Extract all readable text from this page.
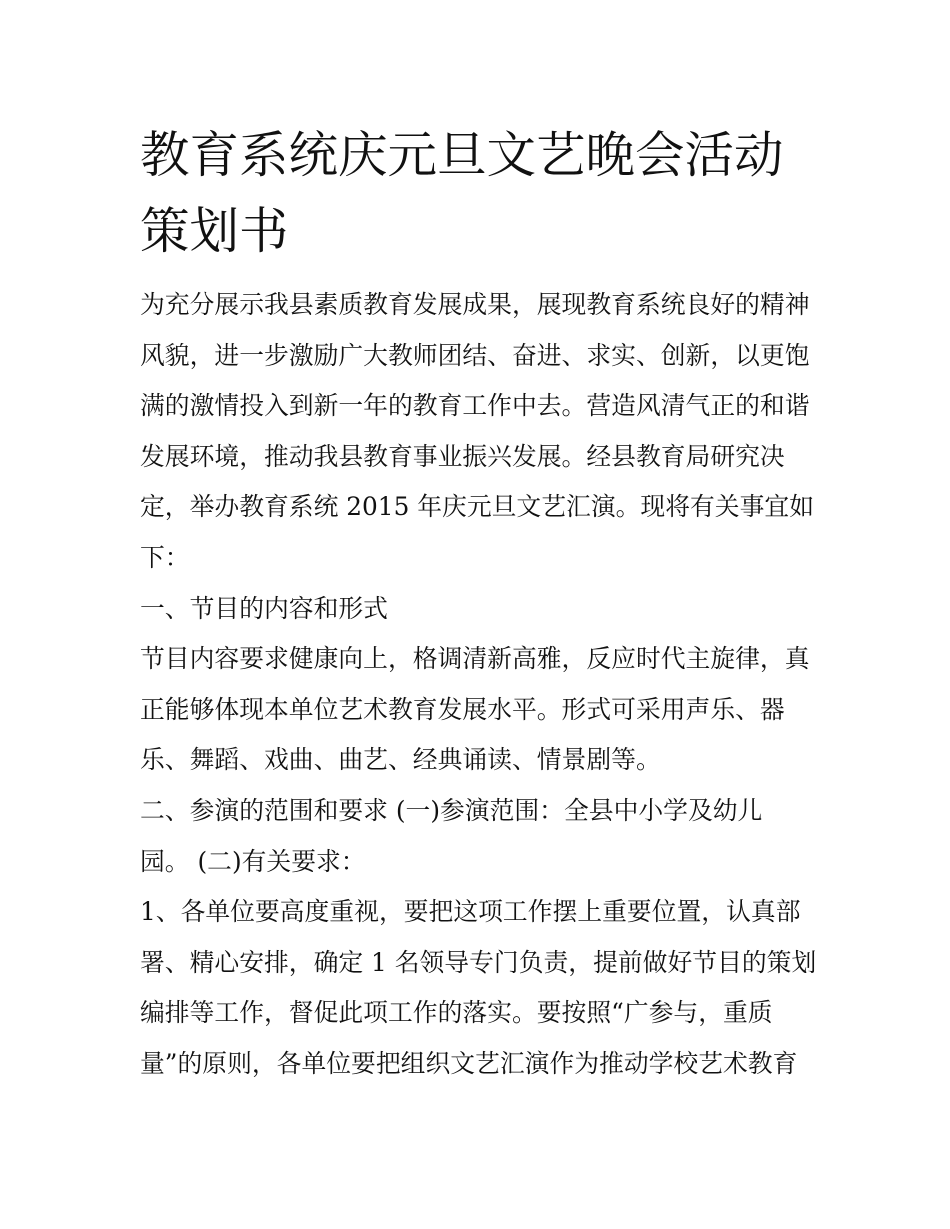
教育系统庆元旦文艺晚会活动
策划书
为充分展示我县素质教育发展成果，展现教育系统良好的精神
风貌，进一步激励广大教师团结、奋进、求实、创新，以更饱
满的激情投入到新一年的教育工作中去。营造风清气正的和谐
发展环境，推动我县教育事业振兴发展。经县教育局研究决
定，举办教育系统 2015 年庆元旦文艺汇演。现将有关事宜如
下：
一、节目的内容和形式
节目内容要求健康向上，格调清新高雅，反应时代主旋律，真
正能够体现本单位艺术教育发展水平。形式可采用声乐、器
乐、舞蹈、戏曲、曲艺、经典诵读、情景剧等。
二、参演的范围和要求 (一)参演范围：全县中小学及幼儿
园。 (二)有关要求：
1、各单位要高度重视，要把这项工作摆上重要位置，认真部
署、精心安排，确定 1 名领导专门负责，提前做好节目的策划
编排等工作，督促此项工作的落实。要按照“广参与，重质
量”的原则，各单位要把组织文艺汇演作为推动学校艺术教育
